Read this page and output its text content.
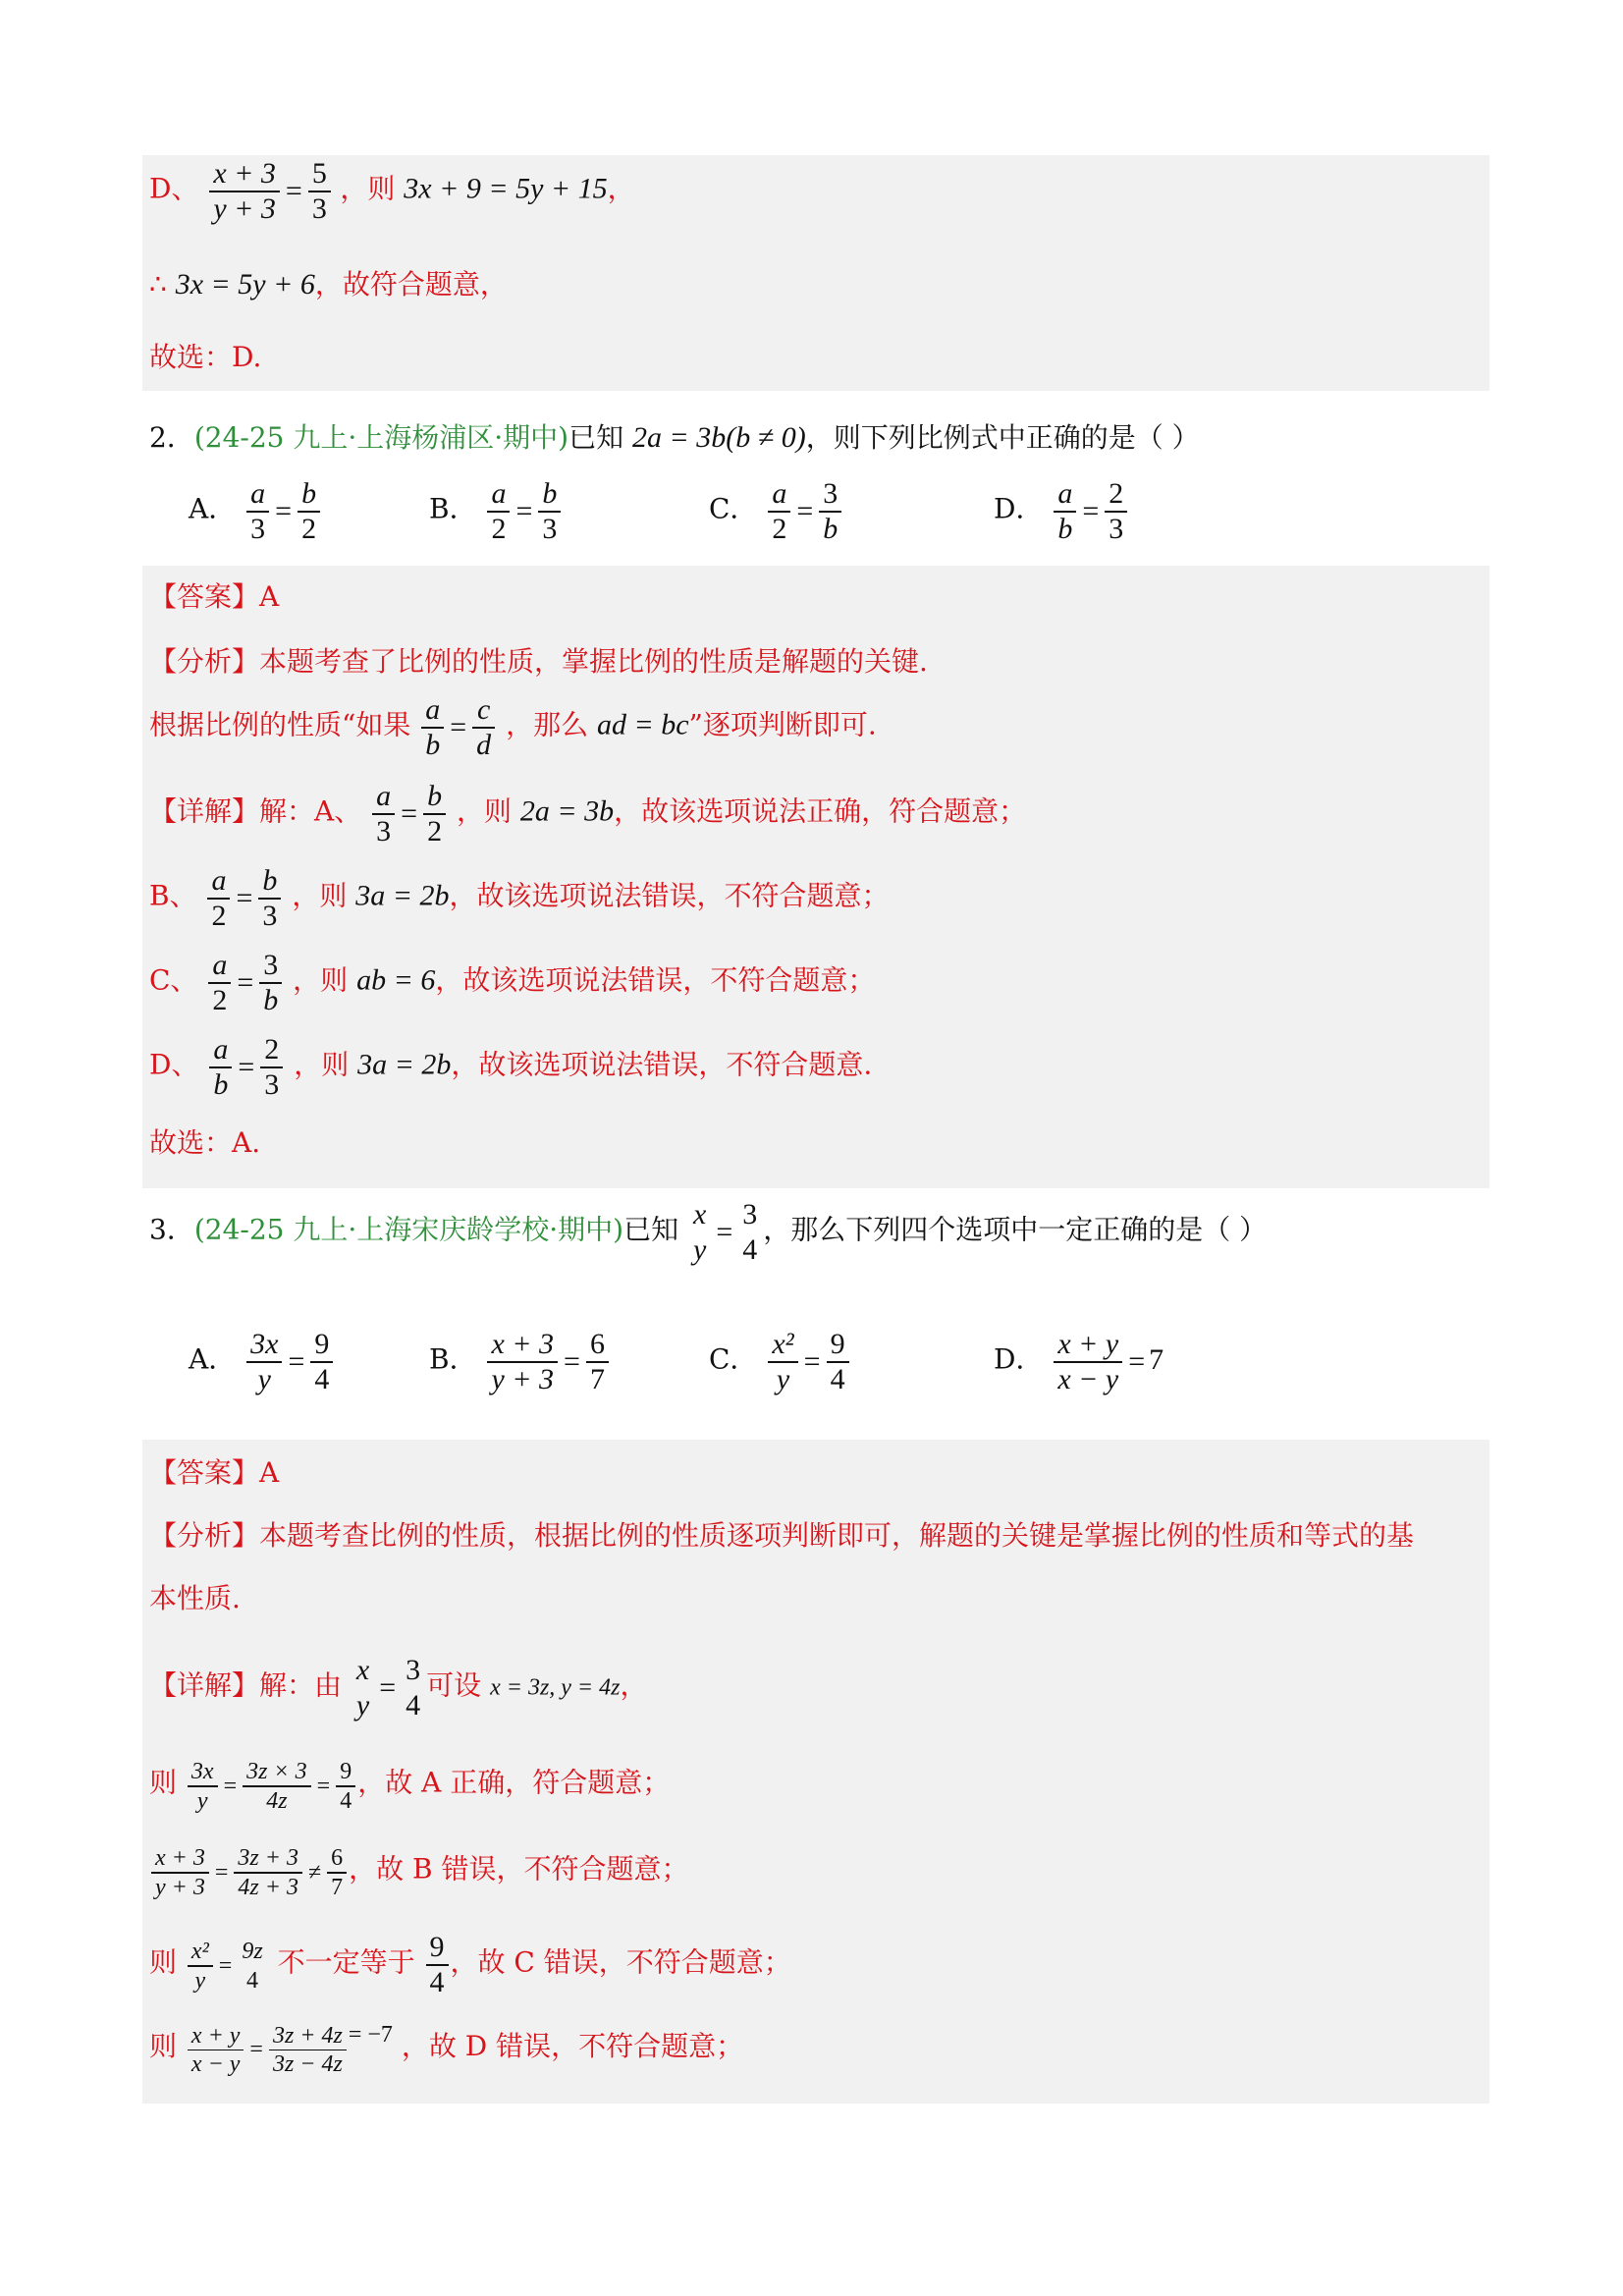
D、 $\frac{x + 3}{y + 3} = \frac{5}{3}$ ，则 3x + 9 = 5y + 15，
∴ 3x = 5y + 6，故符合题意，
故选：D.
2．(24-25 九上·上海杨浦区·期中)已知 2a = 3b(b ≠ 0)，则下列比例式中正确的是（ ）
A． $\frac{a}{3} = \frac{b}{2}$	B． $\frac{a}{2} = \frac{b}{3}$	C． $\frac{a}{2} = \frac{3}{b}$	D． $\frac{a}{b} = \frac{2}{3}$
【答案】A
【分析】本题考查了比例的性质，掌握比例的性质是解题的关键.
根据比例的性质“如果 $\frac{a}{b} = \frac{c}{d}$ ，那么 ad = bc”逐项判断即可.
【详解】解：A、 $\frac{a}{3} = \frac{b}{2}$ ，则 2a = 3b，故该选项说法正确，符合题意；
B、 $\frac{a}{2} = \frac{b}{3}$ ，则 3a = 2b，故该选项说法错误，不符合题意；
C、 $\frac{a}{2} = \frac{3}{b}$ ，则 ab = 6，故该选项说法错误，不符合题意；
D、 $\frac{a}{b} = \frac{2}{3}$ ，则 3a = 2b，故该选项说法错误，不符合题意.
故选：A.
3．(24-25 九上·上海宋庆龄学校·期中)已知 x
y
=
3
4
，那么下列四个选项中一定正确的是（ ）
A． $\frac{3x}{y} = \frac{9}{4}$	B． $\frac{x + 3}{y + 3} = \frac{6}{7}$	C． $\frac{\text{x²}}{y} = \frac{9}{4}$	D． $\frac{x + y}{x - y} = 7$
【答案】A
【分析】本题考查比例的性质，根据比例的性质逐项判断即可，解题的关键是掌握比例的性质和等式的基
本性质.
【详解】解：由 x
y
=
3
4
可设 x = 3z, y = 4z，
则 $\frac{3x}{y} = \frac{3z \times 3}{4z} = \frac{9}{4}$ ，故 A 正确，符合题意；
$\frac{x + 3}{y + 3} = \frac{3z + 3}{4z + 3} \ne \frac{6}{7}$ ，故 B 错误，不符合题意；
则 $\frac{\text{x²}}{y}$ =
9z
4
不一定等于 $\frac{9}{4}$ ，故 C 错误，不符合题意；
则 $\frac{x + y}{x - y} = \frac{3z + 4z}{3z - 4z} = -7$ ，故 D 错误，不符合题意；
